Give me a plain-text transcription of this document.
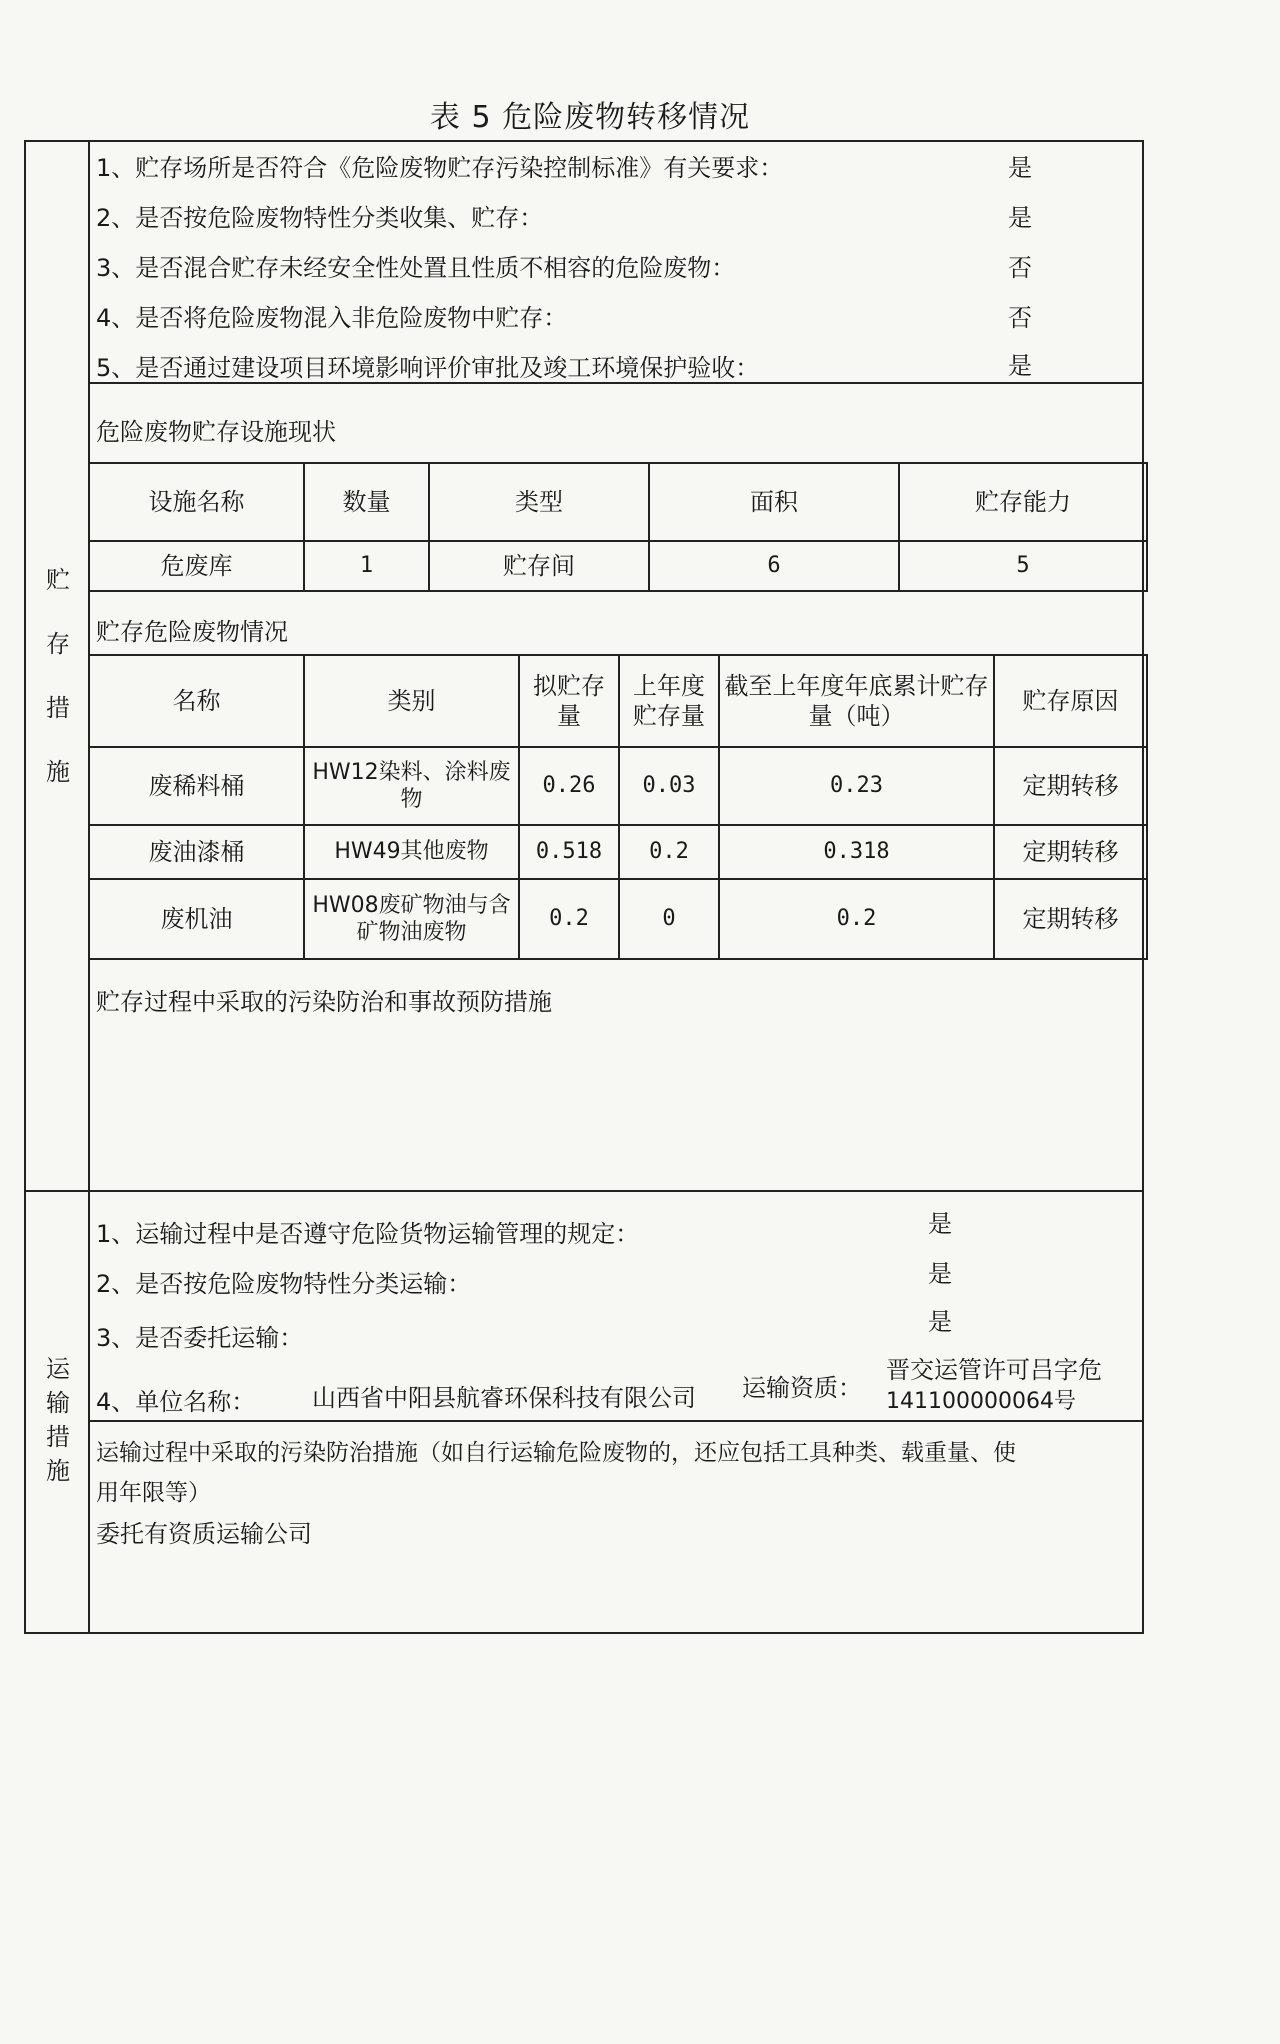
表 5 危险废物转移情况
贮
存
措
施
运
输
措
施
1、贮存场所是否符合《危险废物贮存污染控制标准》有关要求：	是
2、是否按危险废物特性分类收集、贮存：	是
3、是否混合贮存未经安全性处置且性质不相容的危险废物：	否
4、是否将危险废物混入非危险废物中贮存：	否
5、是否通过建设项目环境影响评价审批及竣工环境保护验收：	是
危险废物贮存设施现状
设施名称	数量	类型	面积	贮存能力
危废库	1	贮存间	6	5
贮存危险废物情况
名称	类别	拟贮存量	上年度贮存量	截至上年度年底累计贮存量（吨）	贮存原因
废稀料桶	HW12染料、涂料废物	0.26	0.03	0.23	定期转移
废油漆桶	HW49其他废物	0.518	0.2	0.318	定期转移
废机油	HW08废矿物油与含矿物油废物	0.2	0	0.2	定期转移
贮存过程中采取的污染防治和事故预防措施
1、运输过程中是否遵守危险货物运输管理的规定：	是
2、是否按危险废物特性分类运输：	是
3、是否委托运输：
是
4、单位名称： 山西省中阳县航睿环保科技有限公司 运输资质：
晋交运管许可吕字危
141100000064号
运输过程中采取的污染防治措施（如自行运输危险废物的，还应包括工具种类、载重量、使
用年限等）
委托有资质运输公司
